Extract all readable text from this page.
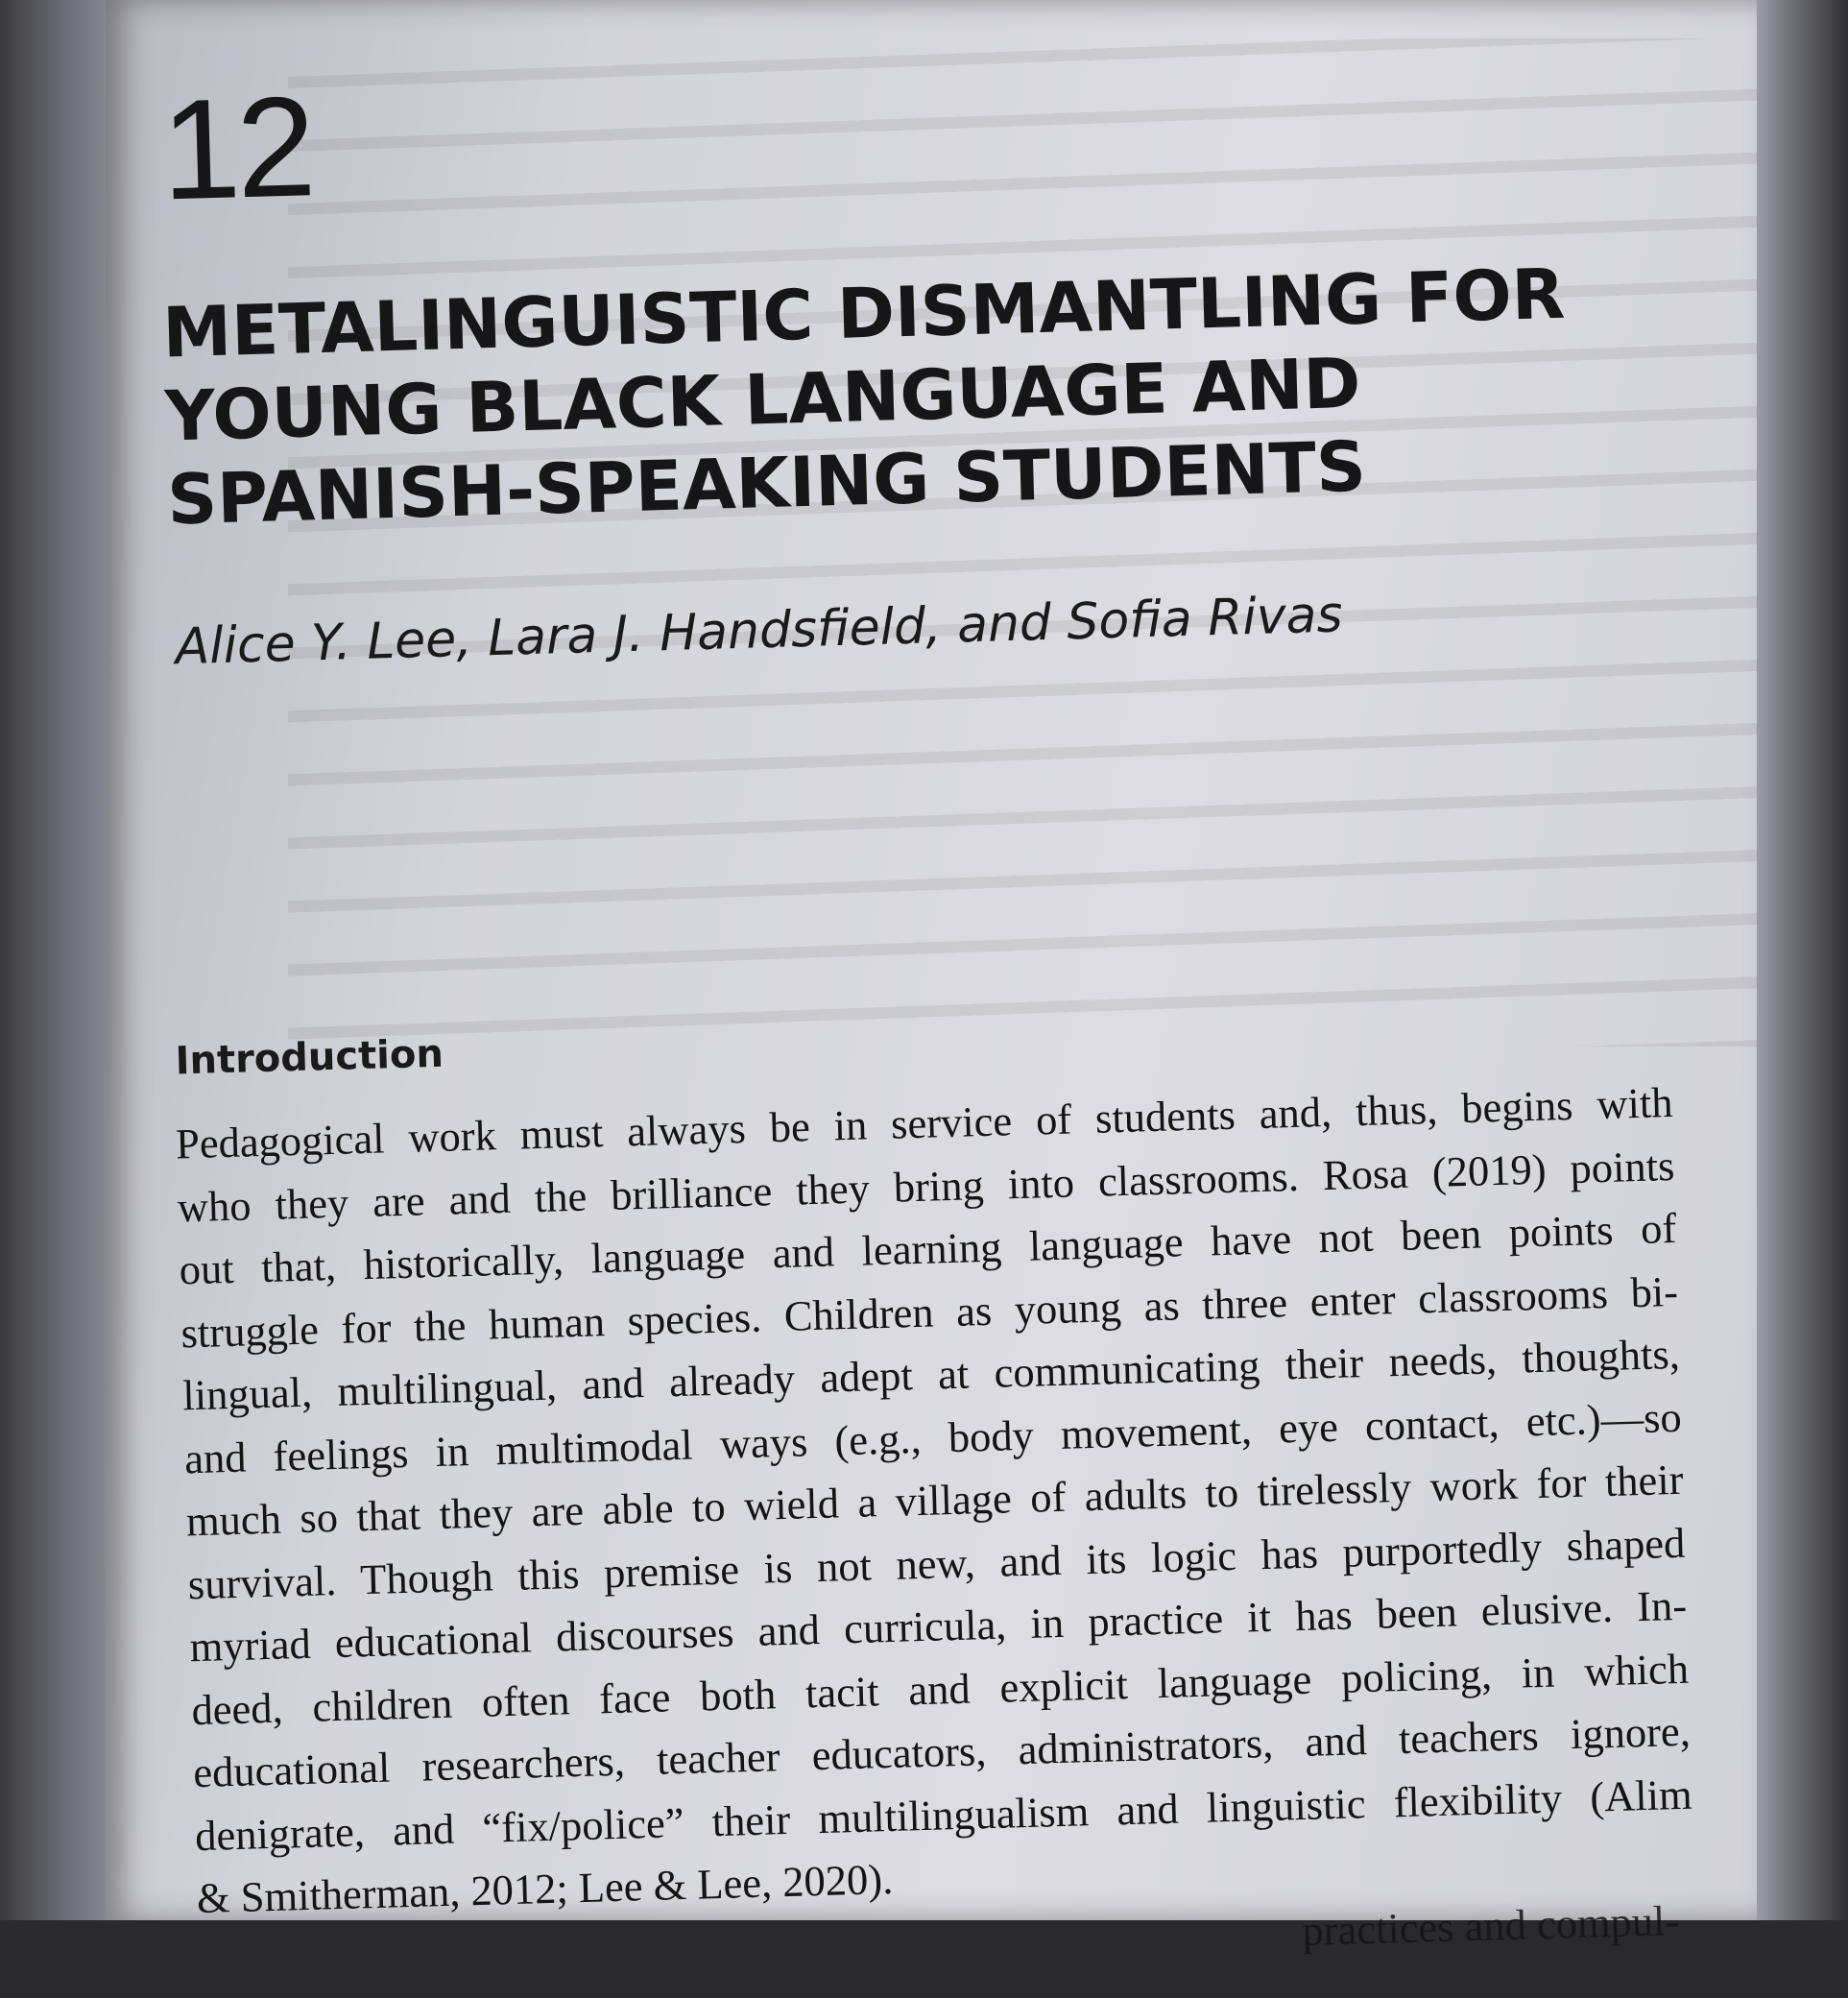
12
METALINGUISTIC DISMANTLING FOR
YOUNG BLACK LANGUAGE AND
SPANISH-SPEAKING STUDENTS
Alice Y. Lee, Lara J. Handsfield, and Sofia Rivas
Introduction
Pedagogical work must always be in service of students and, thus, begins with
who they are and the brilliance they bring into classrooms. Rosa (2019) points
out that, historically, language and learning language have not been points of
struggle for the human species. Children as young as three enter classrooms bi-
lingual, multilingual, and already adept at communicating their needs, thoughts,
and feelings in multimodal ways (e.g., body movement, eye contact, etc.)—so
much so that they are able to wield a village of adults to tirelessly work for their
survival. Though this premise is not new, and its logic has purportedly shaped
myriad educational discourses and curricula, in practice it has been elusive. In-
deed, children often face both tacit and explicit language policing, in which
educational researchers, teacher educators, administrators, and teachers ignore,
denigrate, and “fix/police” their multilingualism and linguistic flexibility (Alim
& Smitherman, 2012; Lee & Lee, 2020).
practices and compul-
